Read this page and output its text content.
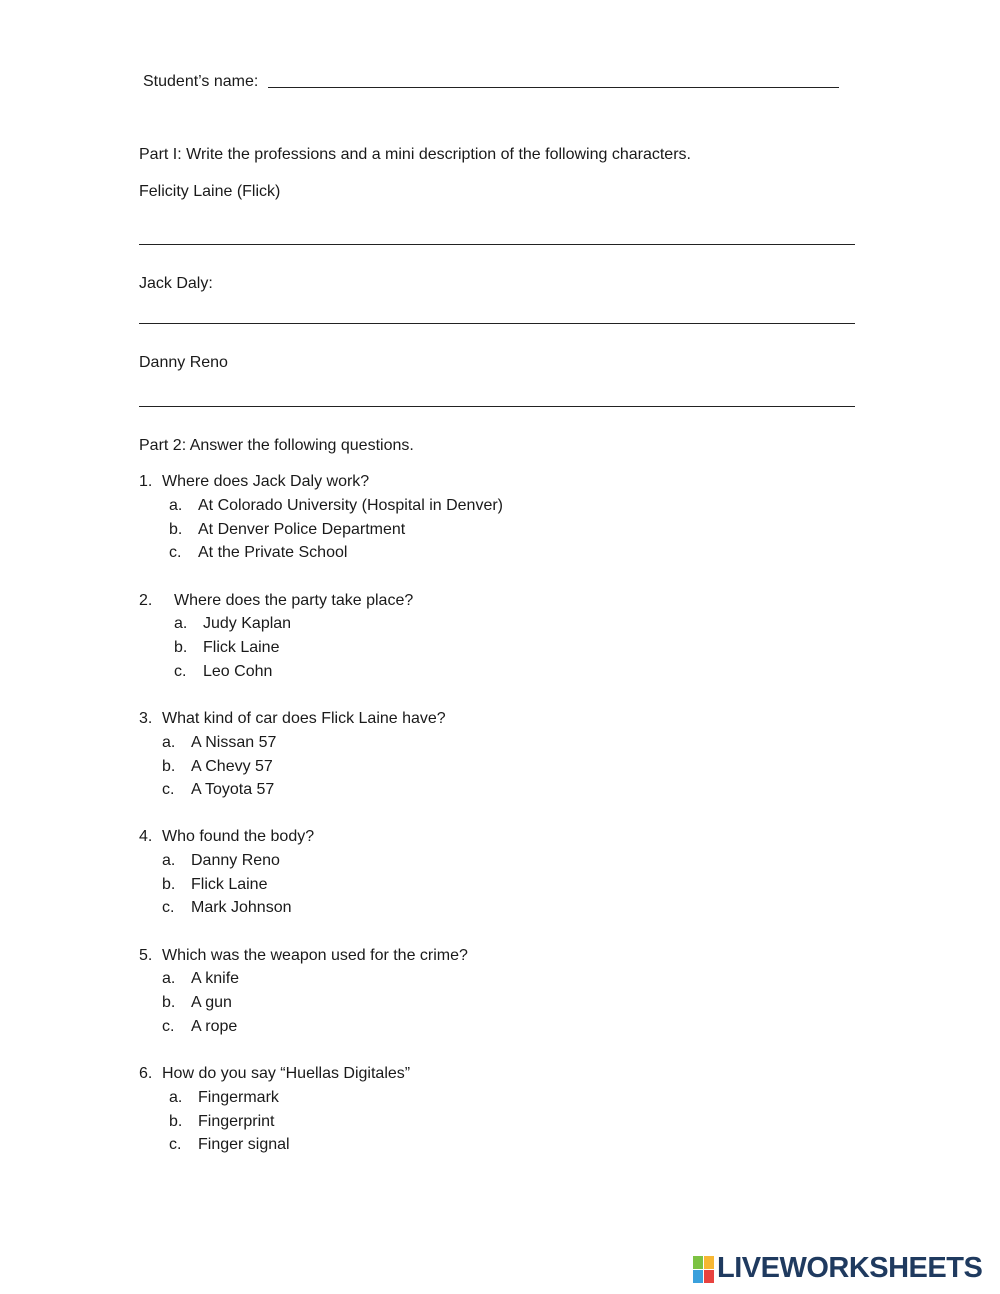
Student’s name:
Part I: Write the professions and a mini description of the following characters.
Felicity Laine (Flick)
Jack Daly:
Danny Reno
Part 2: Answer the following questions.
1. Where does Jack Daly work?
a. At Colorado University (Hospital in Denver)
b. At Denver Police Department
c. At the Private School
2. Where does the party take place?
a. Judy Kaplan
b. Flick Laine
c. Leo Cohn
3. What kind of car does Flick Laine have?
a. A Nissan 57
b. A Chevy 57
c. A Toyota 57
4. Who found the body?
a. Danny Reno
b. Flick Laine
c. Mark Johnson
5. Which was the weapon used for the crime?
a. A knife
b. A gun
c. A rope
6. How do you say “Huellas Digitales”
a. Fingermark
b. Fingerprint
c. Finger signal
LIVEWORKSHEETS
